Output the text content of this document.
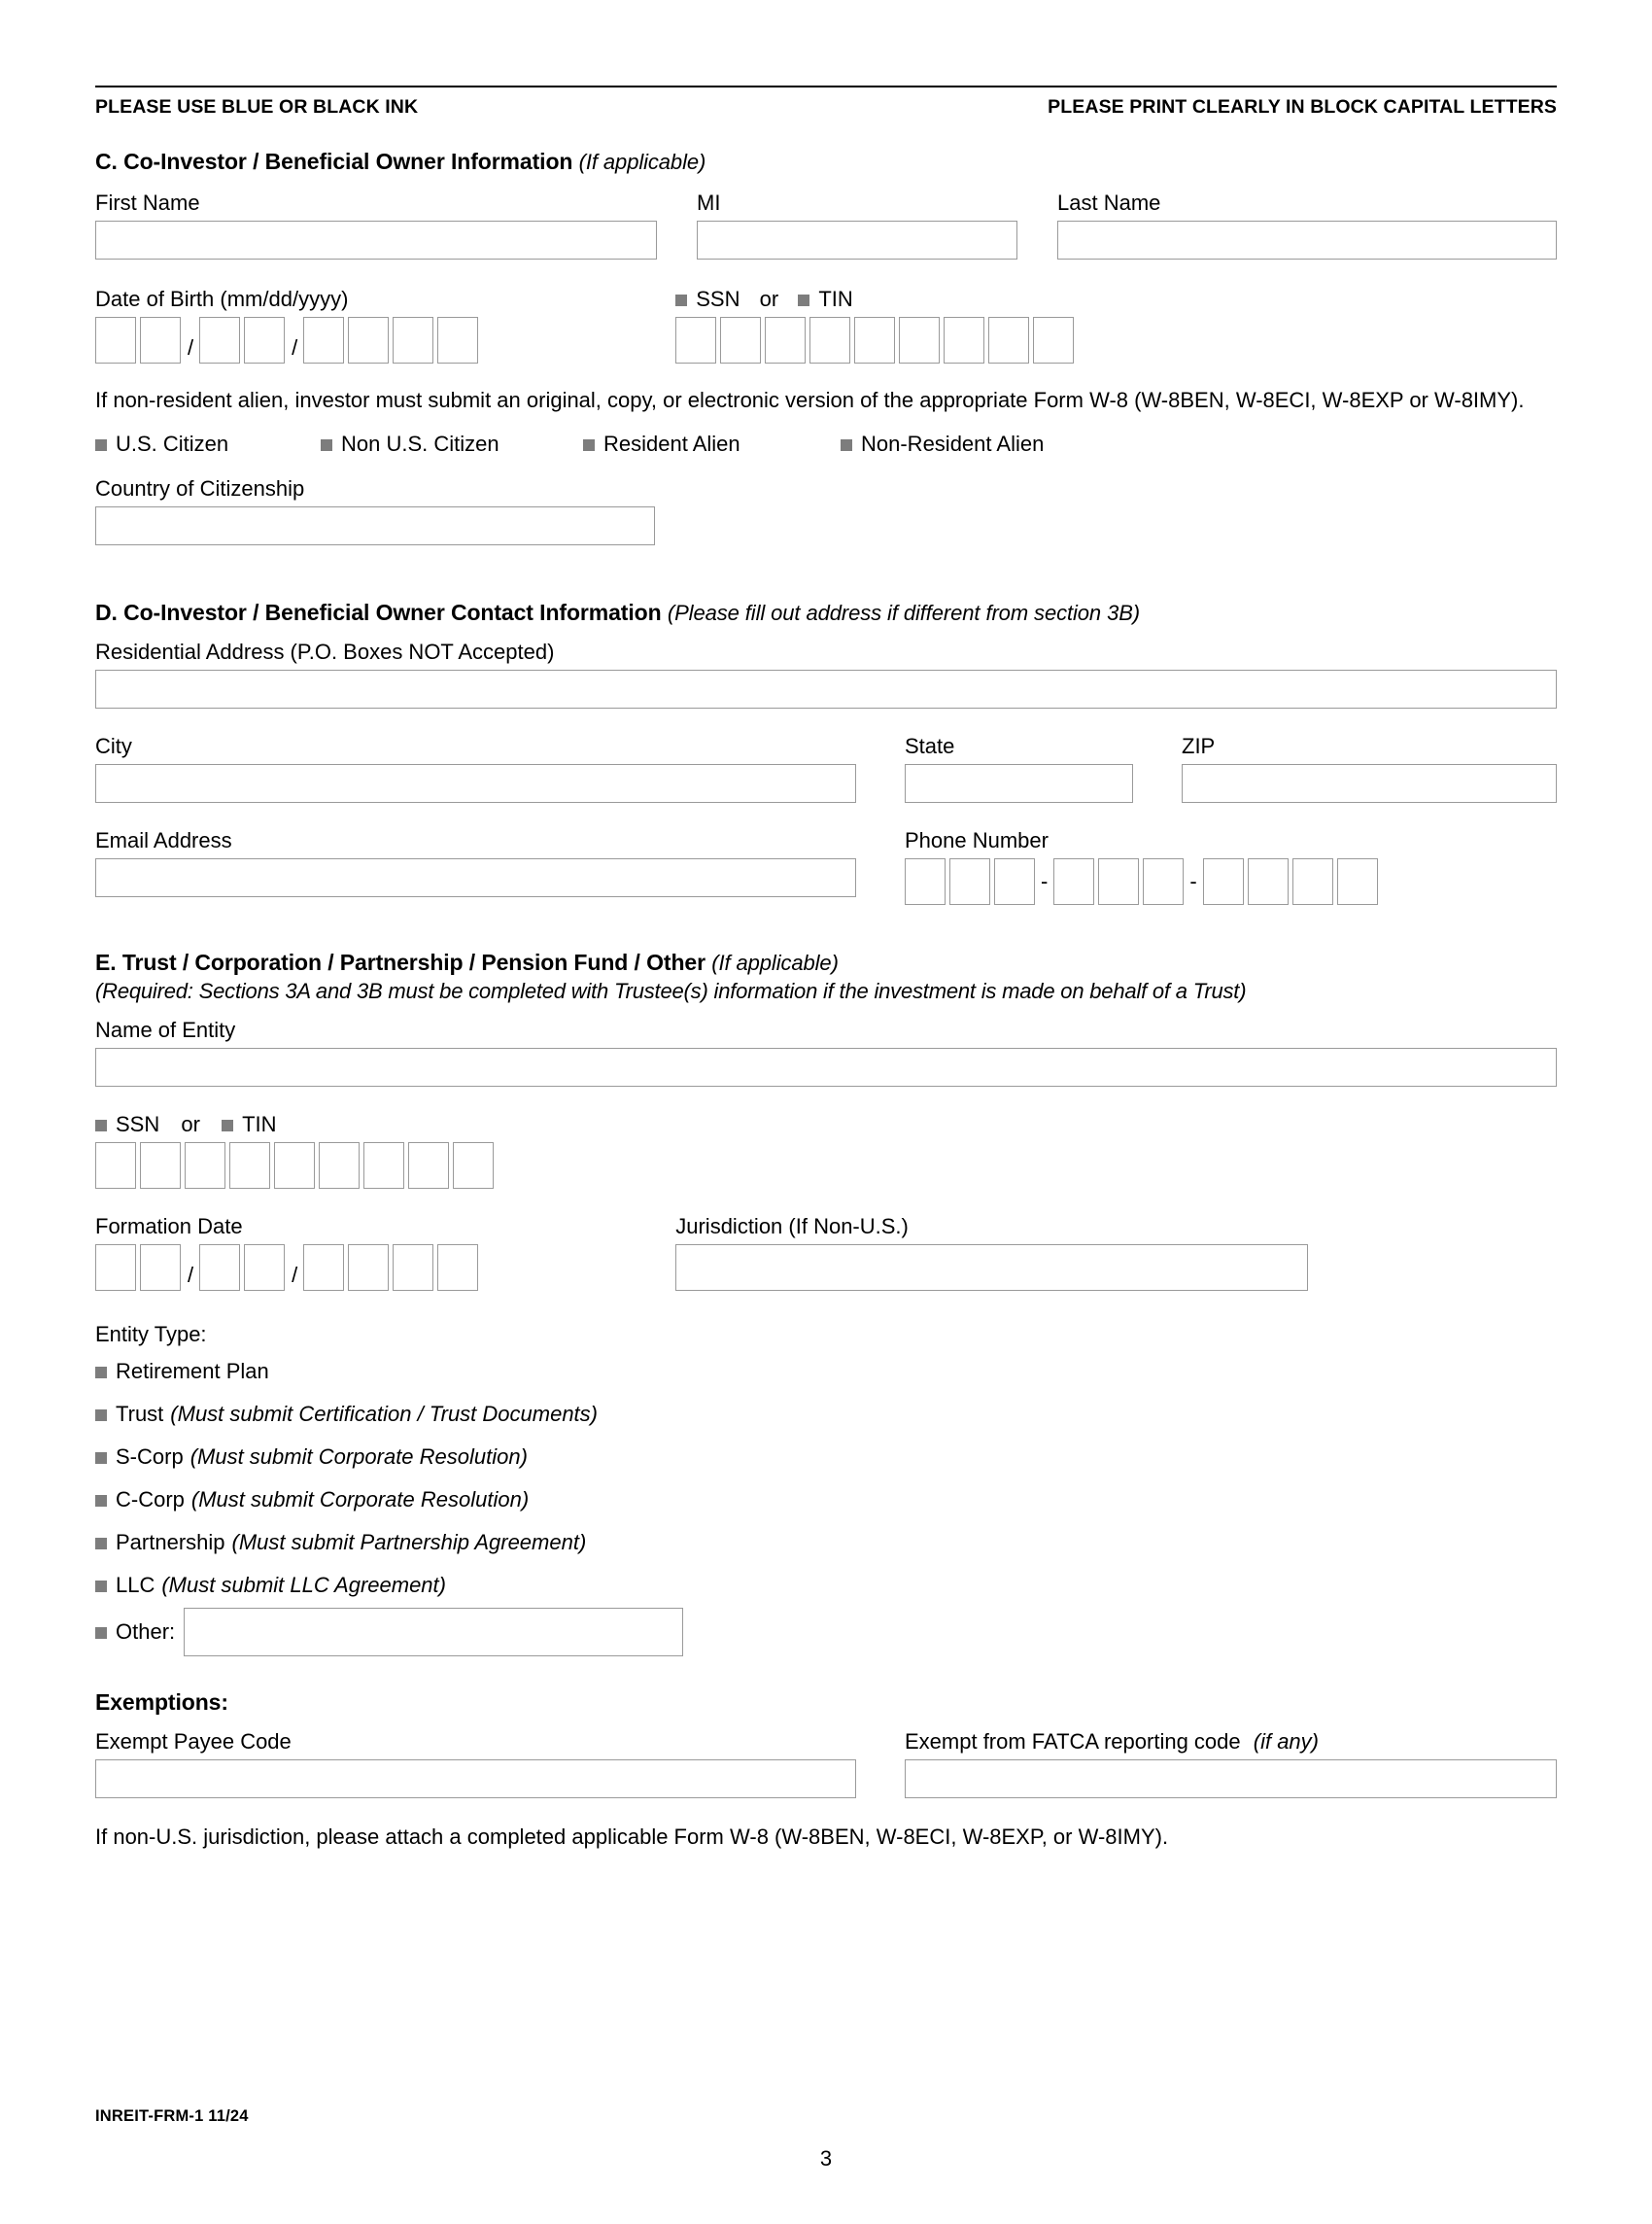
PLEASE USE BLUE OR BLACK INK	PLEASE PRINT CLEARLY IN BLOCK CAPITAL LETTERS
C. Co-Investor / Beneficial Owner Information (If applicable)
First Name	MI	Last Name
Date of Birth (mm/dd/yyyy)
/	/
SSN or TIN
If non-resident alien, investor must submit an original, copy, or electronic version of the appropriate Form W-8 (W-8BEN, W-8ECI, W-8EXP or W-8IMY).
U.S. Citizen	Non U.S. Citizen	Resident Alien	Non-Resident Alien
Country of Citizenship
D. Co-Investor / Beneficial Owner Contact Information (Please fill out address if different from section 3B)
Residential Address (P.O. Boxes NOT Accepted)
City	State	ZIP
Email Address	Phone Number
-	-
E. Trust / Corporation / Partnership / Pension Fund / Other (If applicable)
(Required: Sections 3A and 3B must be completed with Trustee(s) information if the investment is made on behalf of a Trust)
Name of Entity
SSN or TIN
Formation Date
/	/
Jurisdiction (If Non-U.S.)
Entity Type:
Retirement Plan
Trust (Must submit Certification / Trust Documents)
S-Corp (Must submit Corporate Resolution)
C-Corp (Must submit Corporate Resolution)
Partnership (Must submit Partnership Agreement)
LLC (Must submit LLC Agreement)
Other:
Exemptions:
Exempt Payee Code	Exempt from FATCA reporting code (if any)
If non-U.S. jurisdiction, please attach a completed applicable Form W-8 (W-8BEN, W-8ECI, W-8EXP, or W-8IMY).
INREIT-FRM-1 11/24
3
